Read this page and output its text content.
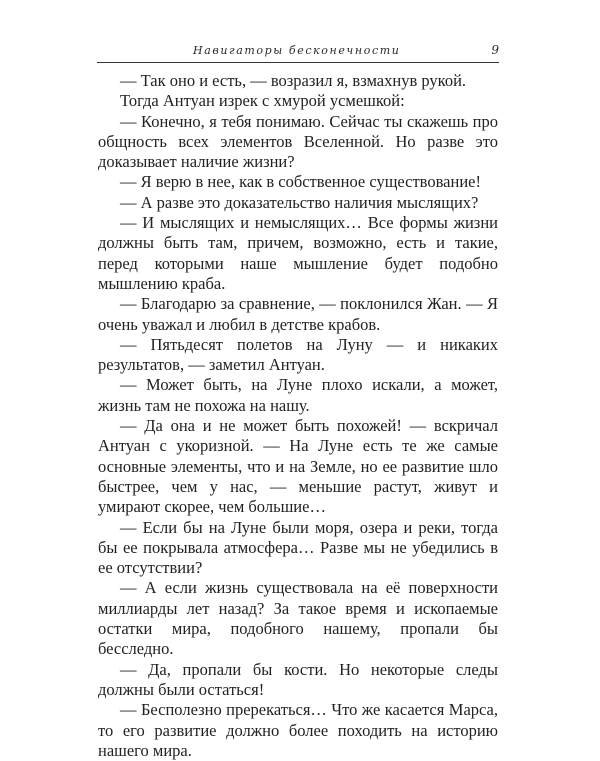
Навигаторы бесконечности	9

— Так оно и есть, — возразил я, взмахнув рукой.

Тогда Антуан изрек с хмурой усмешкой:

— Конечно, я тебя понимаю. Сейчас ты скажешь про общность всех элементов Вселенной. Но разве это доказывает наличие жизни?

— Я верю в нее, как в собственное существование!

— А разве это доказательство наличия мыслящих?

— И мыслящих и немыслящих… Все формы жизни должны быть там, причем, возможно, есть и такие, перед которыми наше мышление будет подобно мышлению краба.

— Благодарю за сравнение, — поклонился Жан. — Я очень уважал и любил в детстве крабов.

— Пятьдесят полетов на Луну — и никаких результатов, — заметил Антуан.

— Может быть, на Луне плохо искали, а может, жизнь там не похожа на нашу.

— Да она и не может быть похожей! — вскричал Антуан с укоризной. — На Луне есть те же самые основные элементы, что и на Земле, но ее развитие шло быстрее, чем у нас, — меньшие растут, живут и умирают скорее, чем большие…

— Если бы на Луне были моря, озера и реки, тогда бы ее покрывала атмосфера… Разве мы не убедились в ее отсутствии?

— А если жизнь существовала на её поверхности миллиарды лет назад? За такое время и ископаемые остатки мира, подобного нашему, пропали бы бесследно.

— Да, пропали бы кости. Но некоторые следы должны были остаться!

— Бесполезно пререкаться… Что же касается Марса, то его развитие должно более походить на историю нашего мира.
